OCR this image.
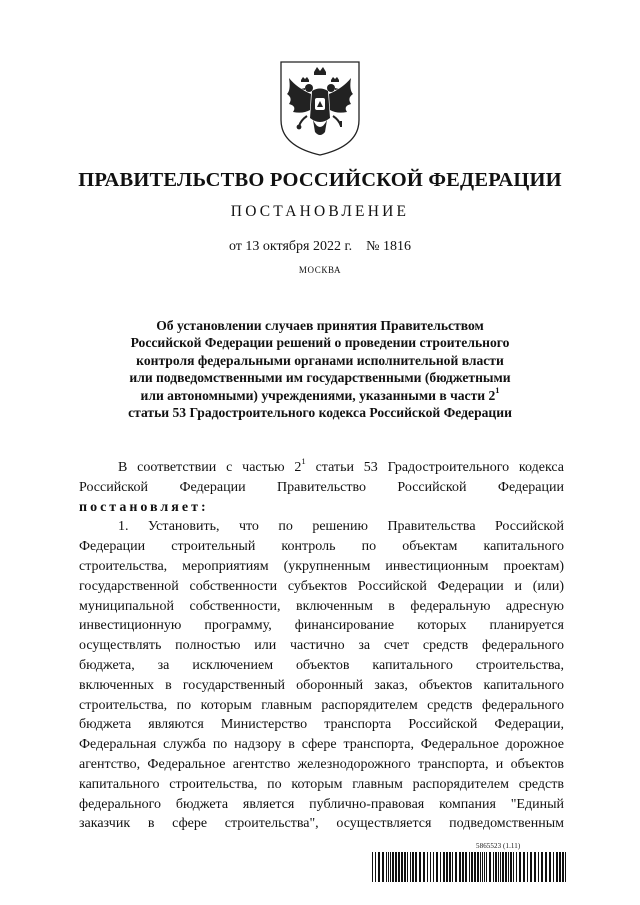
ПРАВИТЕЛЬСТВО РОССИЙСКОЙ ФЕДЕРАЦИИ

ПОСТАНОВЛЕНИЕ

от 13 октября 2022 г. № 1816

МОСКВА

Об установлении случаев принятия Правительством
Российской Федерации решений о проведении строительного
контроля федеральными органами исполнительной власти
или подведомственными им государственными (бюджетными
или автономными) учреждениями, указанными в части $2^1$
статьи 53 Градостроительного кодекса Российской Федерации
В соответствии с частью $2^1$ статьи 53 Градостроительного кодекса
Российской Федерации Правительство Российской Федерации
постановляет:
1. Установить, что по решению Правительства Российской
Федерации строительный контроль по объектам капитального
строительства, мероприятиям (укрупненным инвестиционным проектам)
государственной собственности субъектов Российской Федерации и (или)
муниципальной собственности, включенным в федеральную адресную
инвестиционную программу, финансирование которых планируется
осуществлять полностью или частично за счет средств федерального
бюджета, за исключением объектов капитального строительства,
включенных в государственный оборонный заказ, объектов капитального
строительства, по которым главным распорядителем средств федерального
бюджета являются Министерство транспорта Российской Федерации,
Федеральная служба по надзору в сфере транспорта, Федеральное дорожное
агентство, Федеральное агентство железнодорожного транспорта, и объектов
капитального строительства, по которым главным распорядителем средств
федерального бюджета является публично-правовая компания "Единый
заказчик в сфере строительства", осуществляется подведомственным

5865523 (1.11)
